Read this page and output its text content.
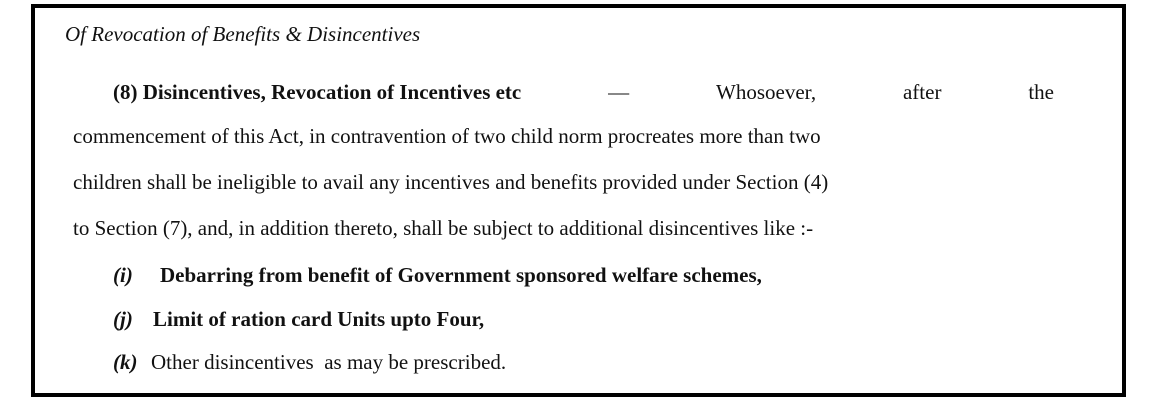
Of Revocation of Benefits & Disincentives
(8) Disincentives, Revocation of Incentives etc	—	Whosoever,	after	the
commencement of this Act, in contravention of two child norm procreates more than two
children shall be ineligible to avail any incentives and benefits provided under Section (4)
to Section (7), and, in addition thereto, shall be subject to additional disincentives like :-
(i) Debarring from benefit of Government sponsored welfare schemes,
(j) Limit of ration card Units upto Four,
(k) Other disincentives  as may be prescribed.
